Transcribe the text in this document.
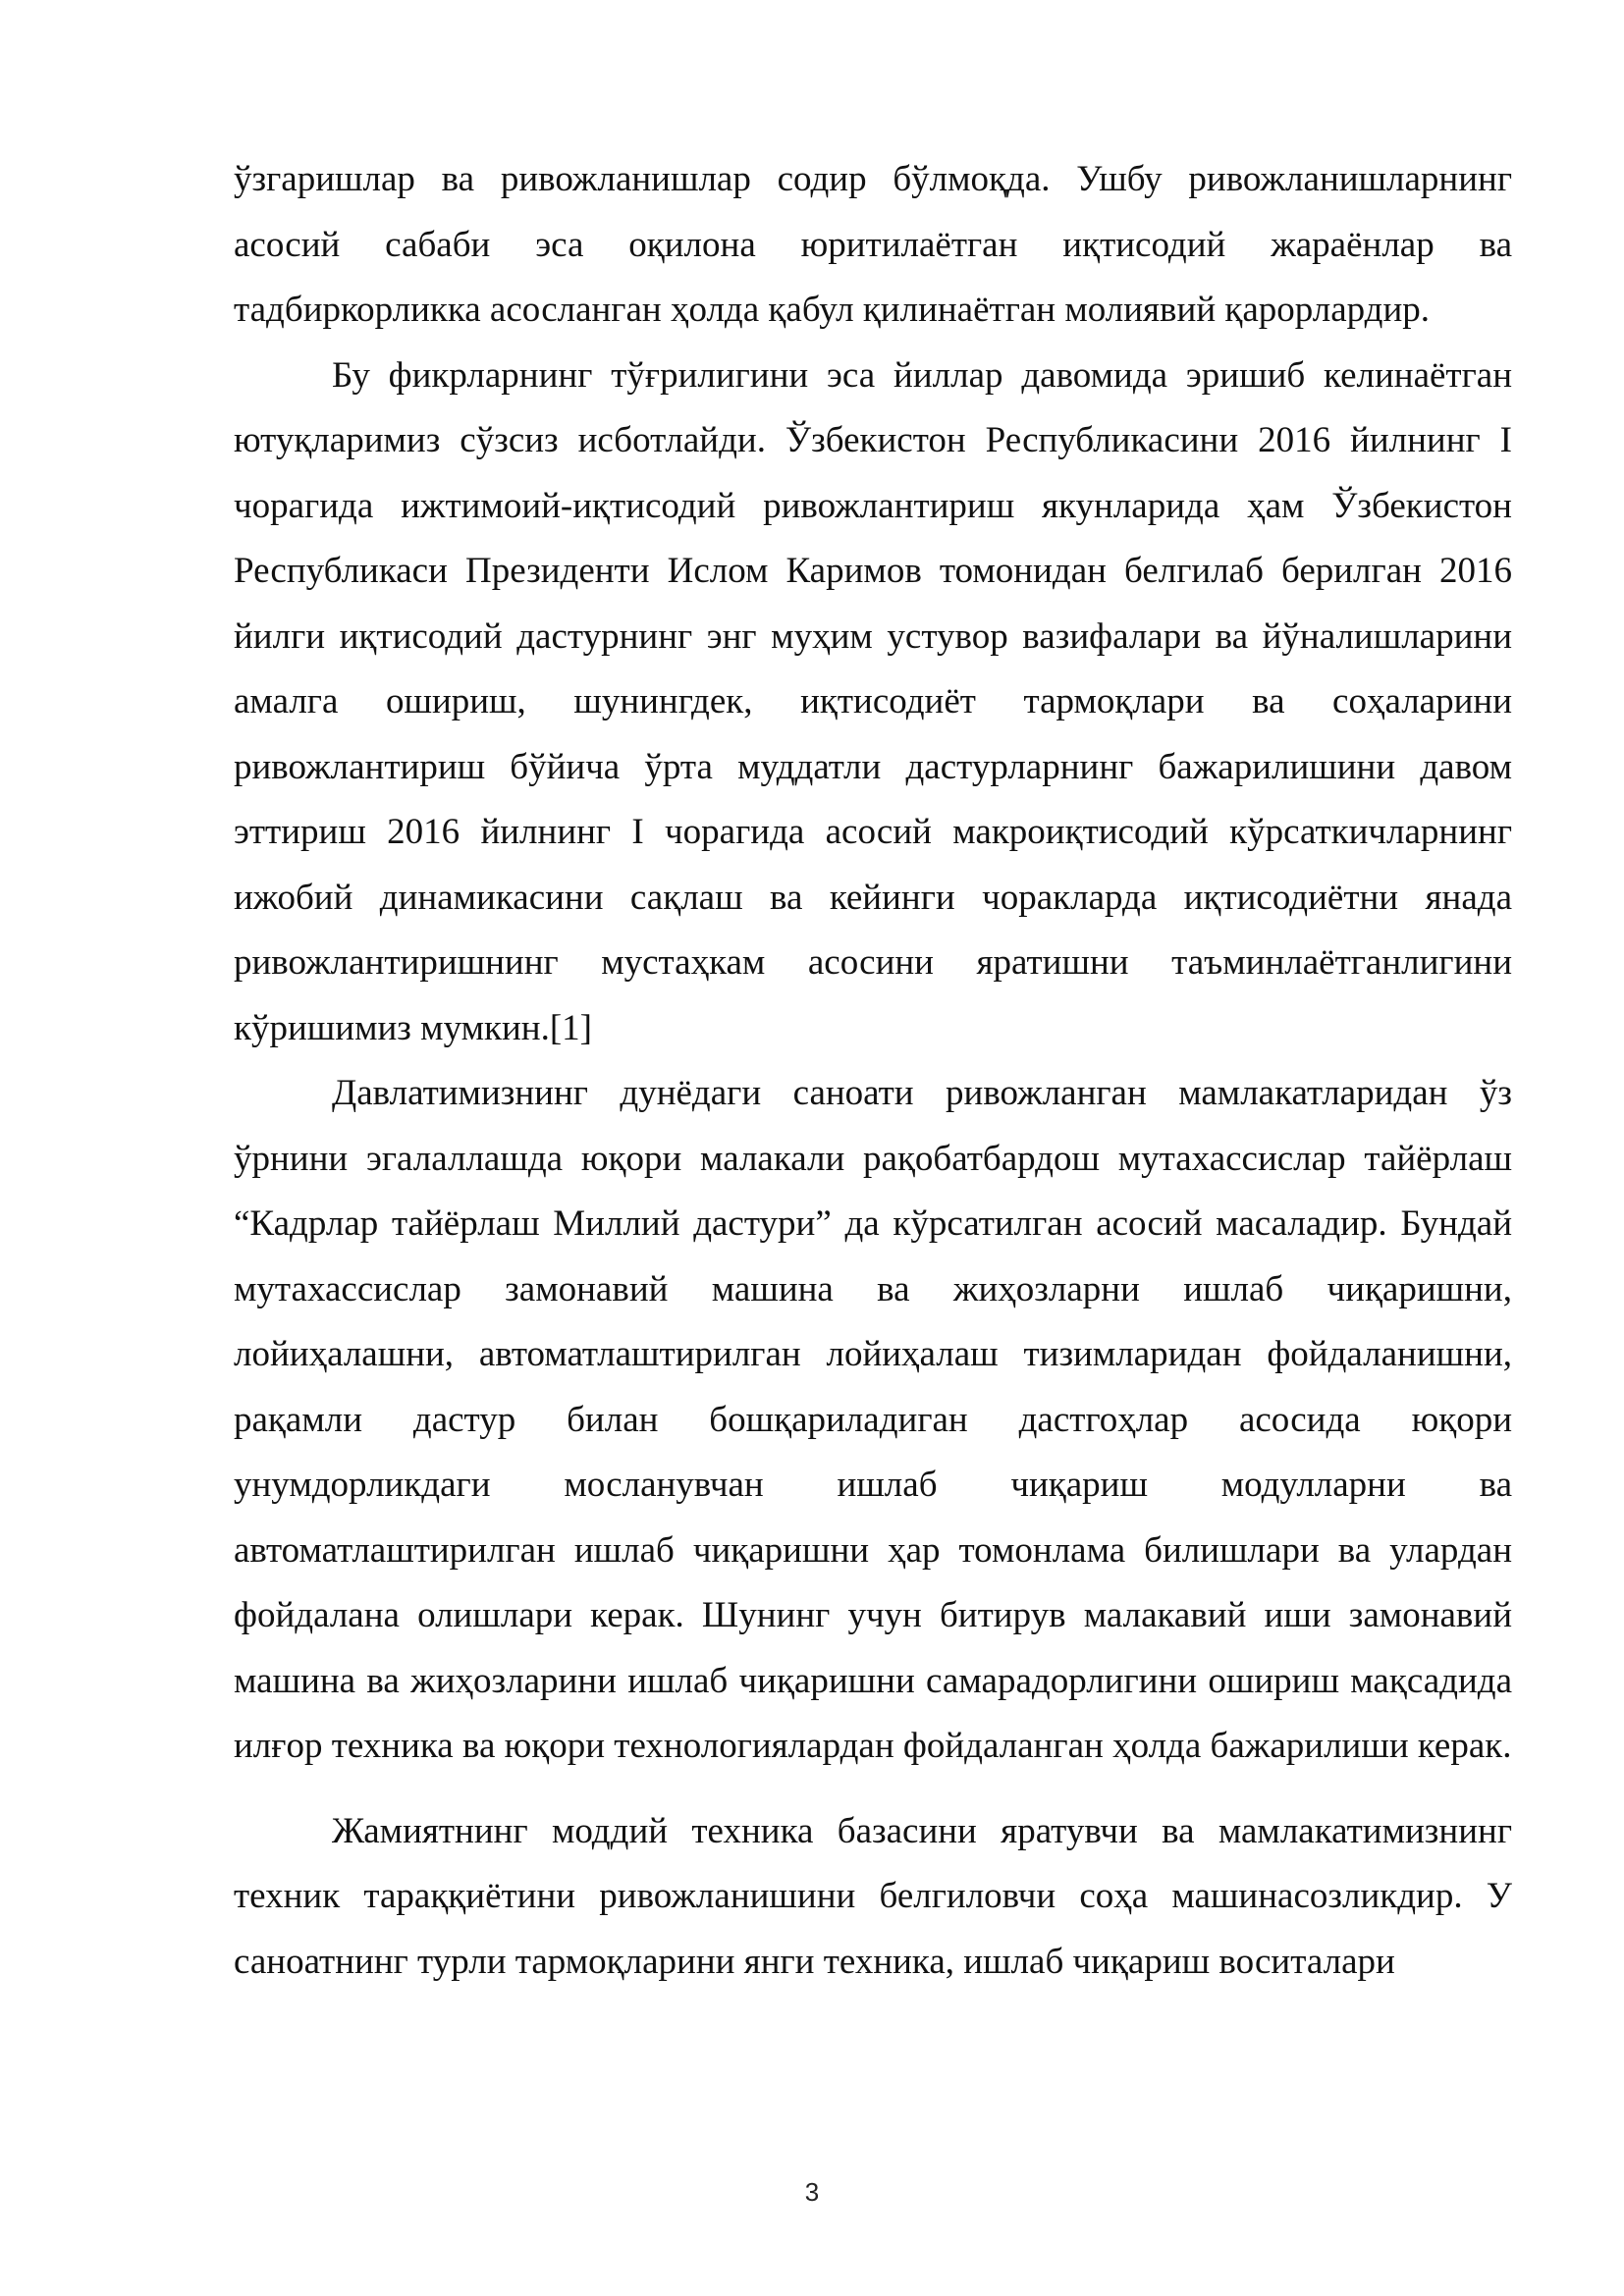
ўзгаришлар ва ривожланишлар содир бўлмоқда. Ушбу ривожланишларнинг асосий сабаби эса оқилона юритилаётган иқтисодий жараёнлар ва тадбиркорликка асосланган ҳолда қабул қилинаётган молиявий қарорлардир.

Бу фикрларнинг тўғрилигини эса йиллар давомида эришиб келинаётган ютуқларимиз сўзсиз исботлайди. Ўзбекистон Республикасини 2016 йилнинг I чорагида ижтимоий-иқтисодий ривожлантириш якунларида ҳам Ўзбекистон Республикаси Президенти Ислом Каримов томонидан белгилаб берилган 2016 йилги иқтисодий дастурнинг энг муҳим устувор вазифалари ва йўналишларини амалга ошириш, шунингдек, иқтисодиёт тармоқлари ва соҳаларини ривожлантириш бўйича ўрта муддатли дастурларнинг бажарилишини давом эттириш 2016 йилнинг I чорагида асосий макроиқтисодий кўрсаткичларнинг ижобий динамикасини сақлаш ва кейинги чоракларда иқтисодиётни янада ривожлантиришнинг мустаҳкам асосини яратишни таъминлаётганлигини кўришимиз мумкин.[1]

Давлатимизнинг дунёдаги саноати ривожланган мамлакатларидан ўз ўрнини эгалаллашда юқори малакали рақобатбардош мутахассислар тайёрлаш “Кадрлар тайёрлаш Миллий дастури” да кўрсатилган асосий масаладир. Бундай мутахассислар замонавий машина ва жиҳозларни ишлаб чиқаришни, лойиҳалашни, автоматлаштирилган лойиҳалаш тизимларидан фойдаланишни, рақамли дастур билан бошқариладиган дастгоҳлар асосида юқори унумдорликдаги мосланувчан ишлаб чиқариш модулларни ва автоматлаштирилган ишлаб чиқаришни ҳар томонлама билишлари ва улардан фойдалана олишлари керак. Шунинг учун битирув малакавий иши замонавий машина ва жиҳозларини ишлаб чиқаришни самарадорлигини ошириш мақсадида илғор техника ва юқори технологиялардан фойдаланган ҳолда бажарилиши керак.

Жамиятнинг моддий техника базасини яратувчи ва мамлакатимизнинг техник тараққиётини ривожланишини белгиловчи соҳа машинасозликдир. У саноатнинг турли тармоқларини янги техника, ишлаб чиқариш воситалари

3
